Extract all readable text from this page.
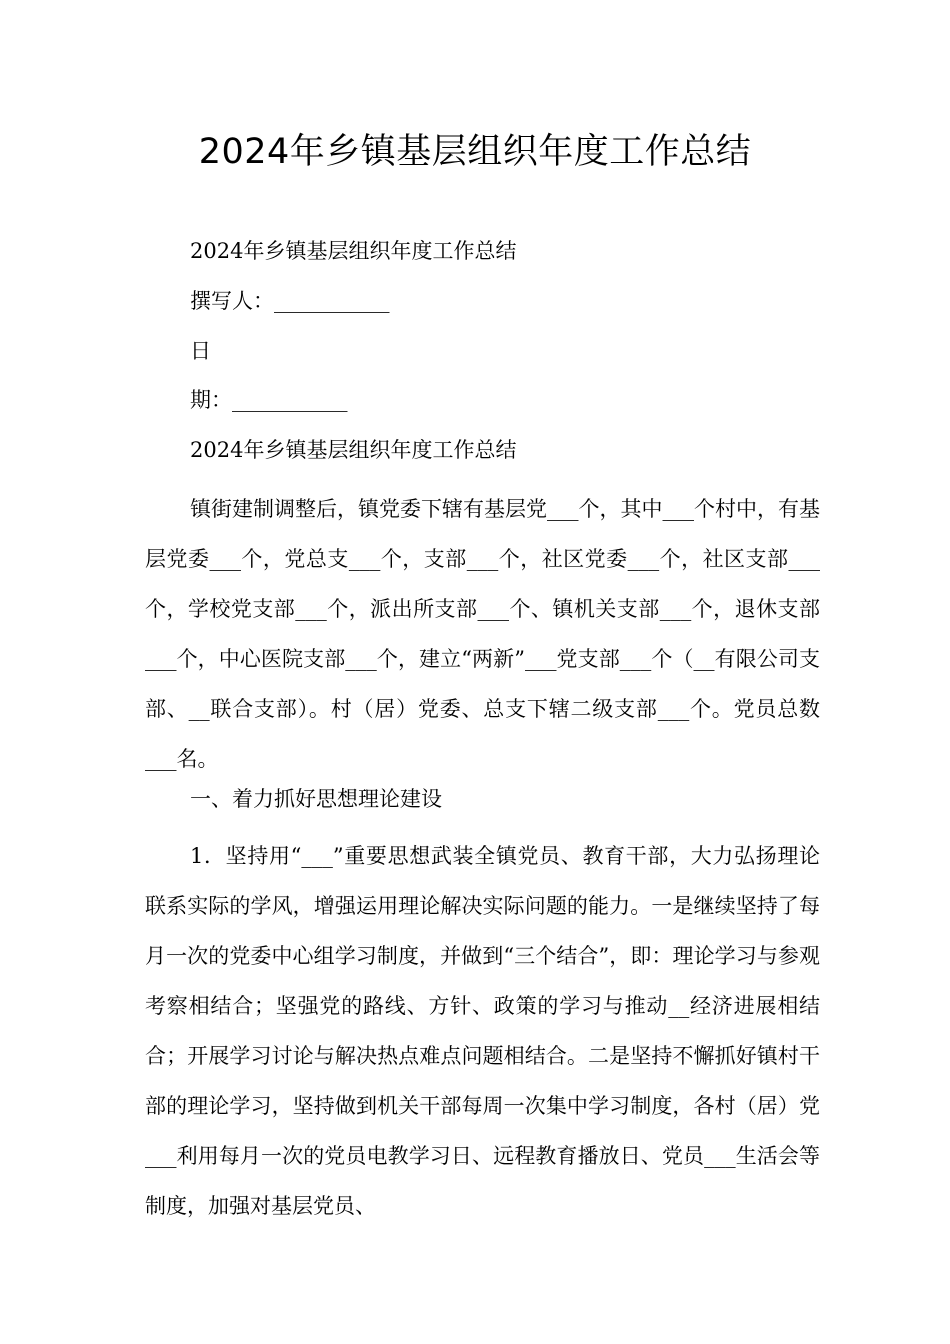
2024年乡镇基层组织年度工作总结
2024年乡镇基层组织年度工作总结
撰写人：___________
日
期：___________
2024年乡镇基层组织年度工作总结

镇街建制调整后，镇党委下辖有基层党___个，其中___个村中，有基层党委___个，党总支___个，支部___个，社区党委___个，社区支部___个，学校党支部___个，派出所支部___个、镇机关支部___个，退休支部___个，中心医院支部___个，建立“两新”___党支部___个（__有限公司支部、__联合支部）。村（居）党委、总支下辖二级支部___个。党员总数___名。

一、着力抓好思想理论建设

1．坚持用“___”重要思想武装全镇党员、教育干部，大力弘扬理论联系实际的学风，增强运用理论解决实际问题的能力。一是继续坚持了每月一次的党委中心组学习制度，并做到“三个结合”，即：理论学习与参观考察相结合；坚强党的路线、方针、政策的学习与推动__经济进展相结合；开展学习讨论与解决热点难点问题相结合。二是坚持不懈抓好镇村干部的理论学习，坚持做到机关干部每周一次集中学习制度，各村（居）党___利用每月一次的党员电教学习日、远程教育播放日、党员___生活会等制度，加强对基层党员、
